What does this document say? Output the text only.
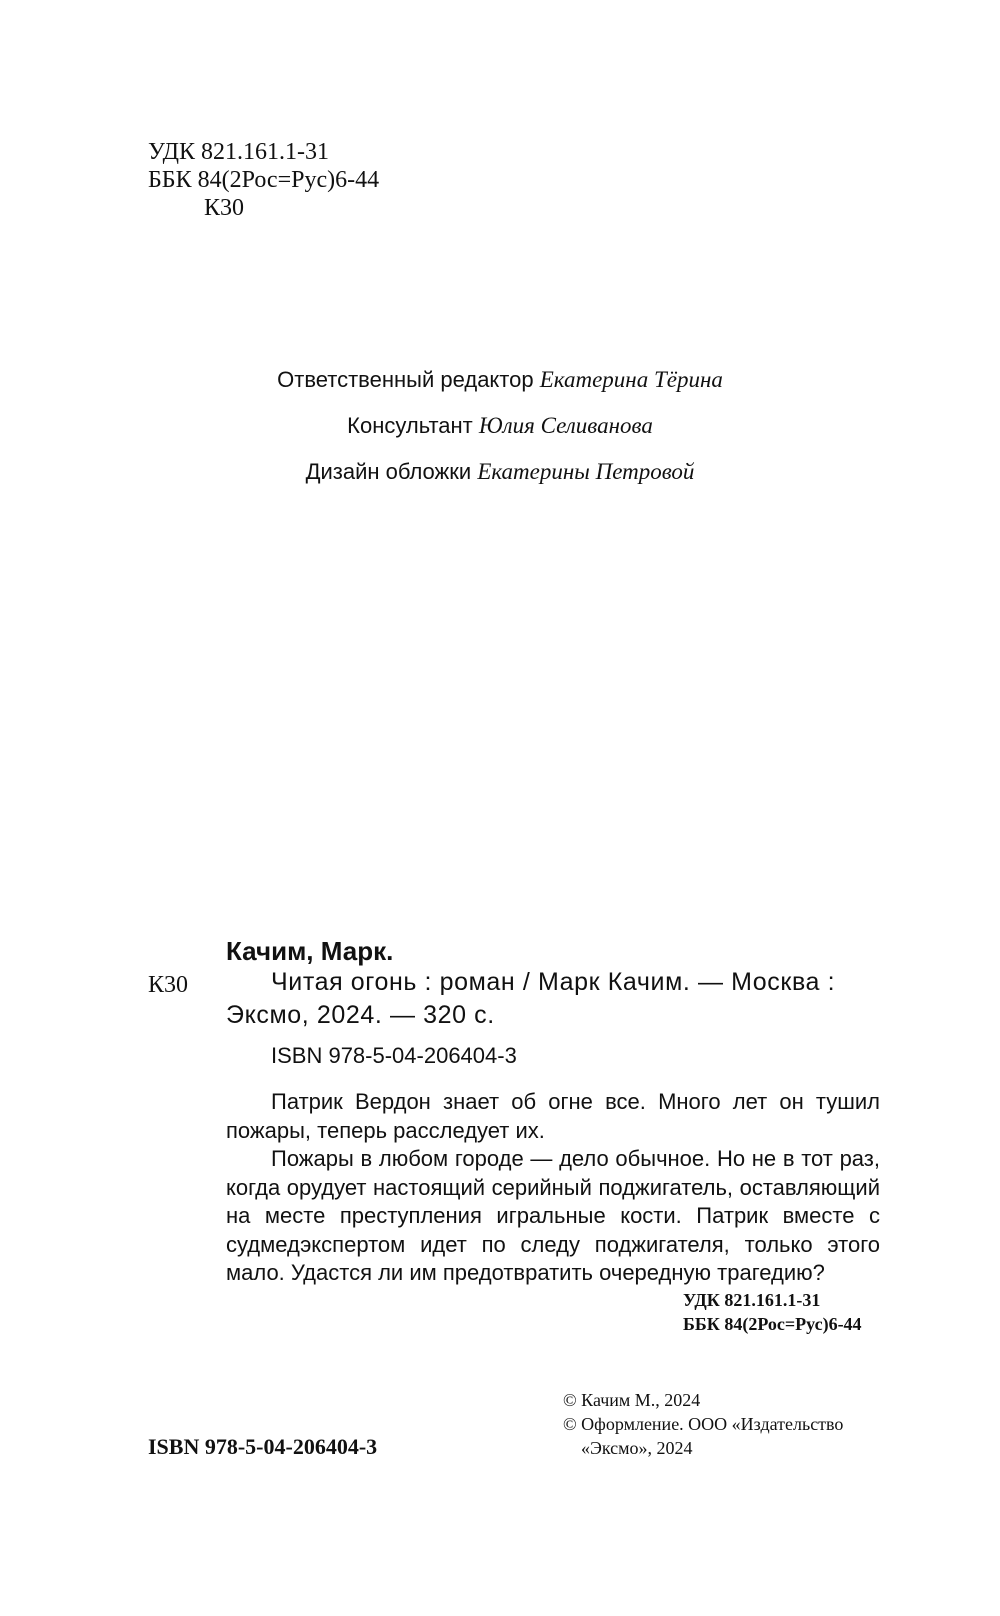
УДК 821.161.1-31
ББК 84(2Рос=Рус)6-44
К30
Ответственный редактор Екатерина Тёрина
Консультант Юлия Селиванова
Дизайн обложки Екатерины Петровой
Качим, Марк.
К30	Читая огонь : роман / Марк Качим. — Москва :
Эксмо, 2024. — 320 с.
ISBN 978-5-04-206404-3

Патрик Вердон знает об огне все. Много лет он тушил пожары, теперь расследует их.

Пожары в любом городе — дело обычное. Но не в тот раз, когда орудует настоящий серийный поджигатель, оставляющий на месте преступления игральные кости. Патрик вместе с судмедэкспертом идет по следу поджигателя, только этого мало. Удастся ли им предотвратить очередную трагедию?

УДК 821.161.1-31
ББК 84(2Рос=Рус)6-44
© Качим М., 2024
© Оформление. ООО «Издательство
«Эксмо», 2024
ISBN 978-5-04-206404-3
